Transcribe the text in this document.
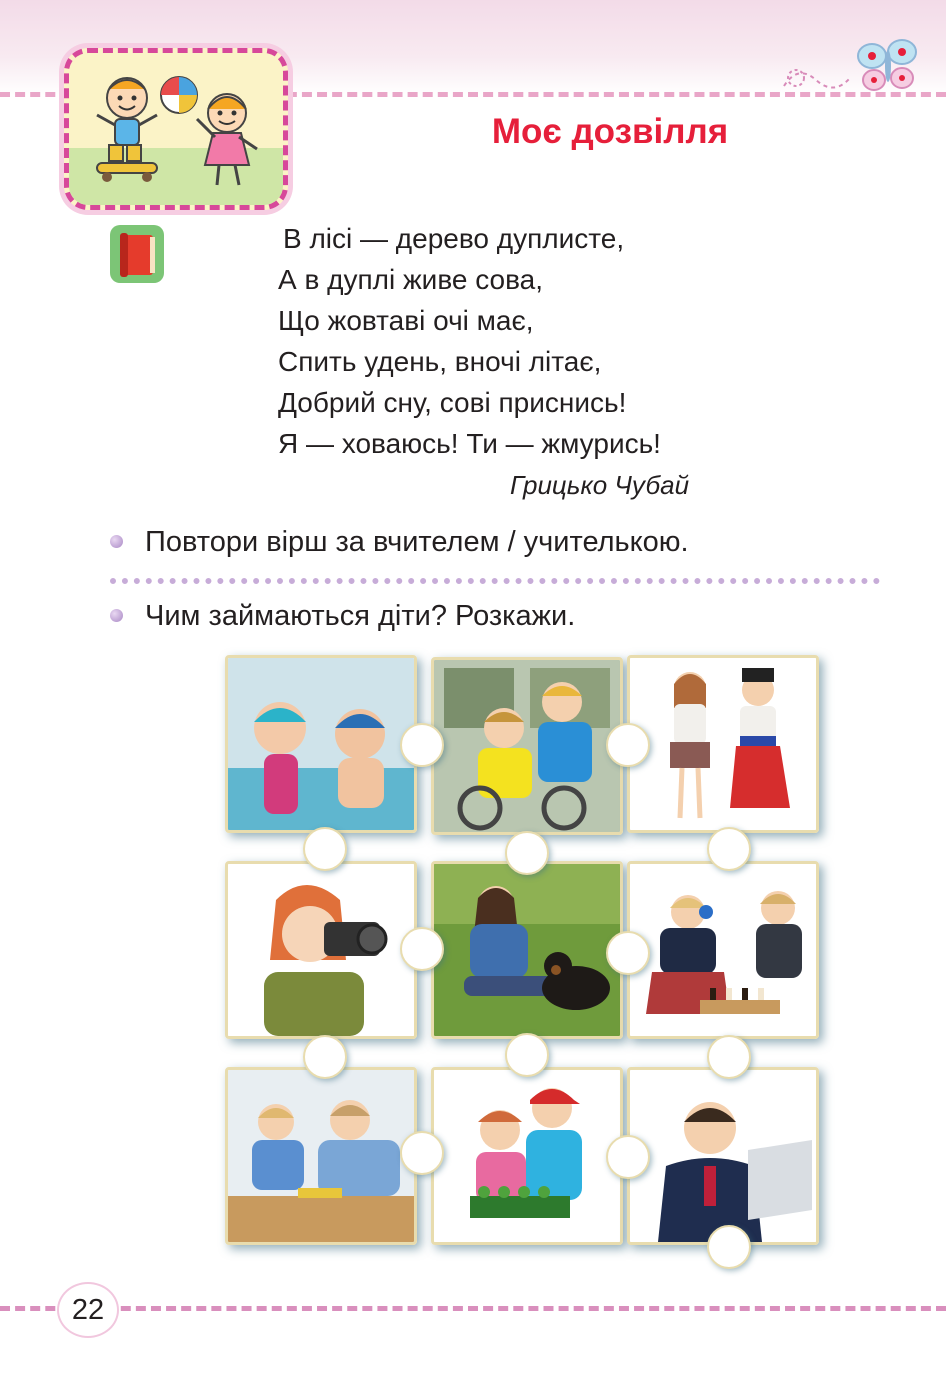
Моє дозвілля
В лісі — дерево дуплисте,
А в дуплі живе сова,
Що жовтаві очі має,
Спить удень, вночі літає,
Добрий сну, сові приснись!
Я — ховаюсь! Ти — жмурись!
Грицько Чубай
Повтори вірш за вчителем / учителькою.
Чим займаються діти? Розкажи.
22
